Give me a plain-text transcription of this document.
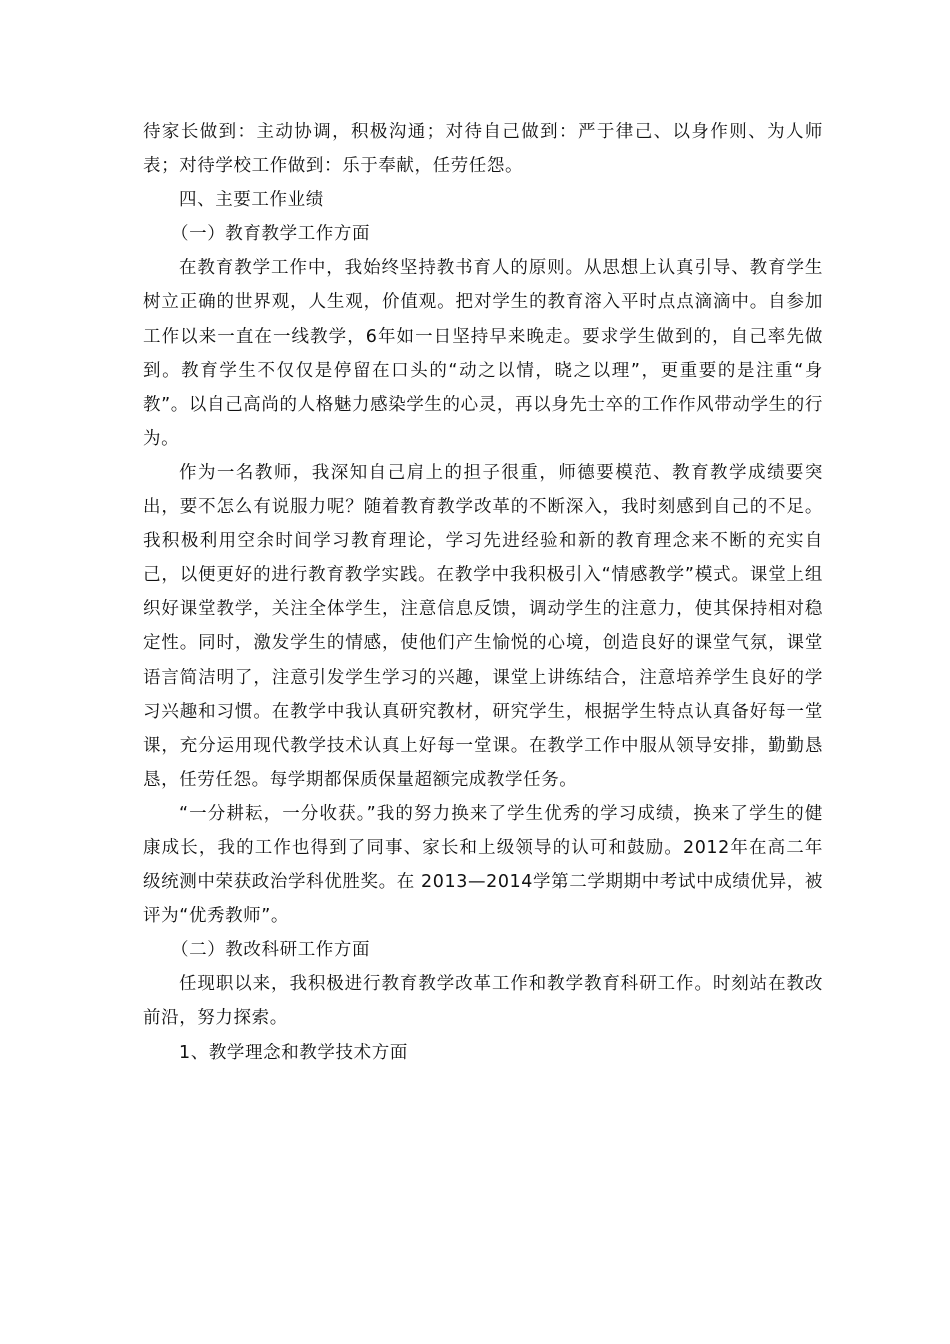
待家长做到：主动协调，积极沟通；对待自己做到：严于律己、以身作则、为人师表；对待学校工作做到：乐于奉献，任劳任怨。

四、主要工作业绩

（一）教育教学工作方面

在教育教学工作中，我始终坚持教书育人的原则。从思想上认真引导、教育学生树立正确的世界观，人生观，价值观。把对学生的教育溶入平时点点滴滴中。自参加工作以来一直在一线教学，6年如一日坚持早来晚走。要求学生做到的，自己率先做到。教育学生不仅仅是停留在口头的“动之以情，晓之以理”，更重要的是注重“身教”。以自己高尚的人格魅力感染学生的心灵，再以身先士卒的工作作风带动学生的行为。

作为一名教师，我深知自己肩上的担子很重，师德要模范、教育教学成绩要突出，要不怎么有说服力呢？随着教育教学改革的不断深入，我时刻感到自己的不足。我积极利用空余时间学习教育理论，学习先进经验和新的教育理念来不断的充实自己，以便更好的进行教育教学实践。在教学中我积极引入“情感教学”模式。课堂上组织好课堂教学，关注全体学生，注意信息反馈，调动学生的注意力，使其保持相对稳定性。同时，激发学生的情感，使他们产生愉悦的心境，创造良好的课堂气氛，课堂语言简洁明了，注意引发学生学习的兴趣，课堂上讲练结合，注意培养学生良好的学习兴趣和习惯。在教学中我认真研究教材，研究学生，根据学生特点认真备好每一堂课，充分运用现代教学技术认真上好每一堂课。在教学工作中服从领导安排，勤勤恳恳，任劳任怨。每学期都保质保量超额完成教学任务。

“一分耕耘，一分收获。”我的努力换来了学生优秀的学习成绩，换来了学生的健康成长，我的工作也得到了同事、家长和上级领导的认可和鼓励。2012年在高二年级统测中荣获政治学科优胜奖。在 2013—2014学第二学期期中考试中成绩优异，被评为“优秀教师”。

（二）教改科研工作方面

任现职以来，我积极进行教育教学改革工作和教学教育科研工作。时刻站在教改前沿，努力探索。

1、教学理念和教学技术方面
